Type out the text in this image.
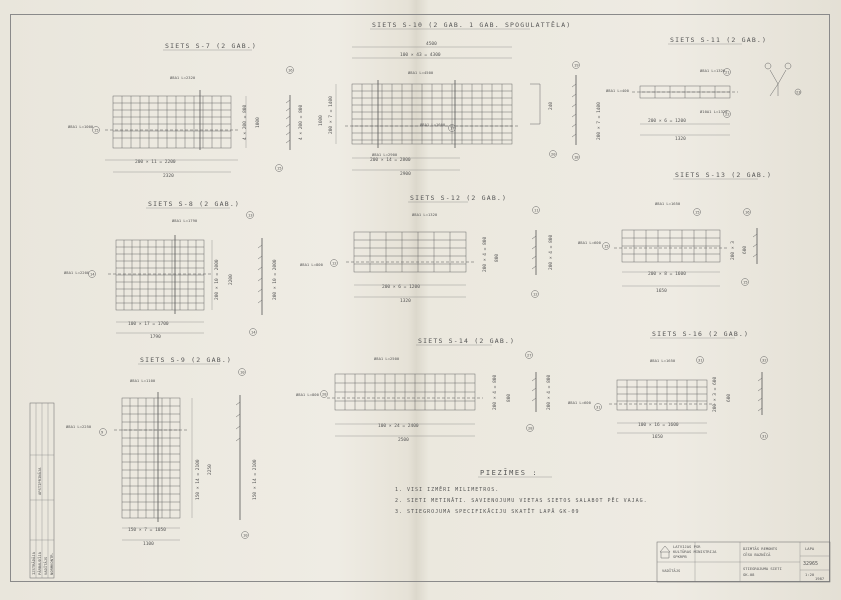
SIETS S-7 (2 GAB.)
Ø8A1 L=2320
Ø8A1 L=1000
15
200 × 11 = 2200
2320
4 × 200 = 800 1000	4 × 200 = 800
16
15
SIETS S-10 (2 GAB. 1 GAB. SPOGULATTĒLA)
4500
100 × 43 = 4300
Ø8A1 L=4500
Ø8A1 L=1600
17
Ø8A1 L=2900
200 × 14 = 2800
2900
200 × 7 = 1400
1600
240	200 × 7 = 1400
19
20
18
SIETS S-11 (2 GAB.)
Ø8A1 L=1320
Ø8A1 L=400
Ø10A1 L=1320
200 × 6 = 1200
1320
21
22
23
SIETS S-8 (2 GAB.)
Ø8A1 L=1790
Ø8A1 L=2200 14
100 × 17 = 1700
1790
200 × 10 = 2000 2200	200 × 10 = 2000
13
14
SIETS S-12 (2 GAB.)
Ø8A1 L=1320
Ø8A1 L=800 12
200 × 6 = 1200
1320
200 × 4 = 800 800	200 × 4 = 800
11
12
SIETS S-13 (2 GAB.)
Ø8A1 L=1650
Ø8A1 L=600
15
200 × 8 = 1600
1650
200 × 3 600
15	16
15
SIETS S-9 (2 GAB.)
Ø8A1 L=1100
Ø8A1 L=2250
9
150 × 7 = 1050
1100
150 × 14 = 2100 2250	150 × 14 = 2100
10
10
SIETS S-14 (2 GAB.)
Ø8A1 L=2500
Ø8A1 L=800 28
100 × 24 = 2400
2500
200 × 4 = 800 800	200 × 4 = 800
27
28
SIETS S-16 (2 GAB.)
Ø8A1 L=1650
Ø8A1 L=600
31
100 × 16 = 1600
1650
200 × 3 = 600 600
31	32
31
PIEZĪMES :
1. VISI IZMĒRI MILIMETROS.
2. SIETI METINĀTI. SAVIENOJUMU VIETAS SIETOS SALABOT PĒC VAJAG.
3. STIEGROJUMA SPECIFIKĀCIJU SKATĪT LAPĀ GK-09
IZSTRĀDĀJA PĀRBAUDĪJA VADĪTĀJS NORMKONTR.
APSTIPRINĀJA
LATVIJAS PSR
KULTŪRAS MINISTRIJA
SPKRPB
DZIMTĀS REMONTS
CĒSU BAZNĪCĀ
VADĪTĀJS	STIEGROJUMA SIETI
GK-08
LAPA
32965
1:20
1987
